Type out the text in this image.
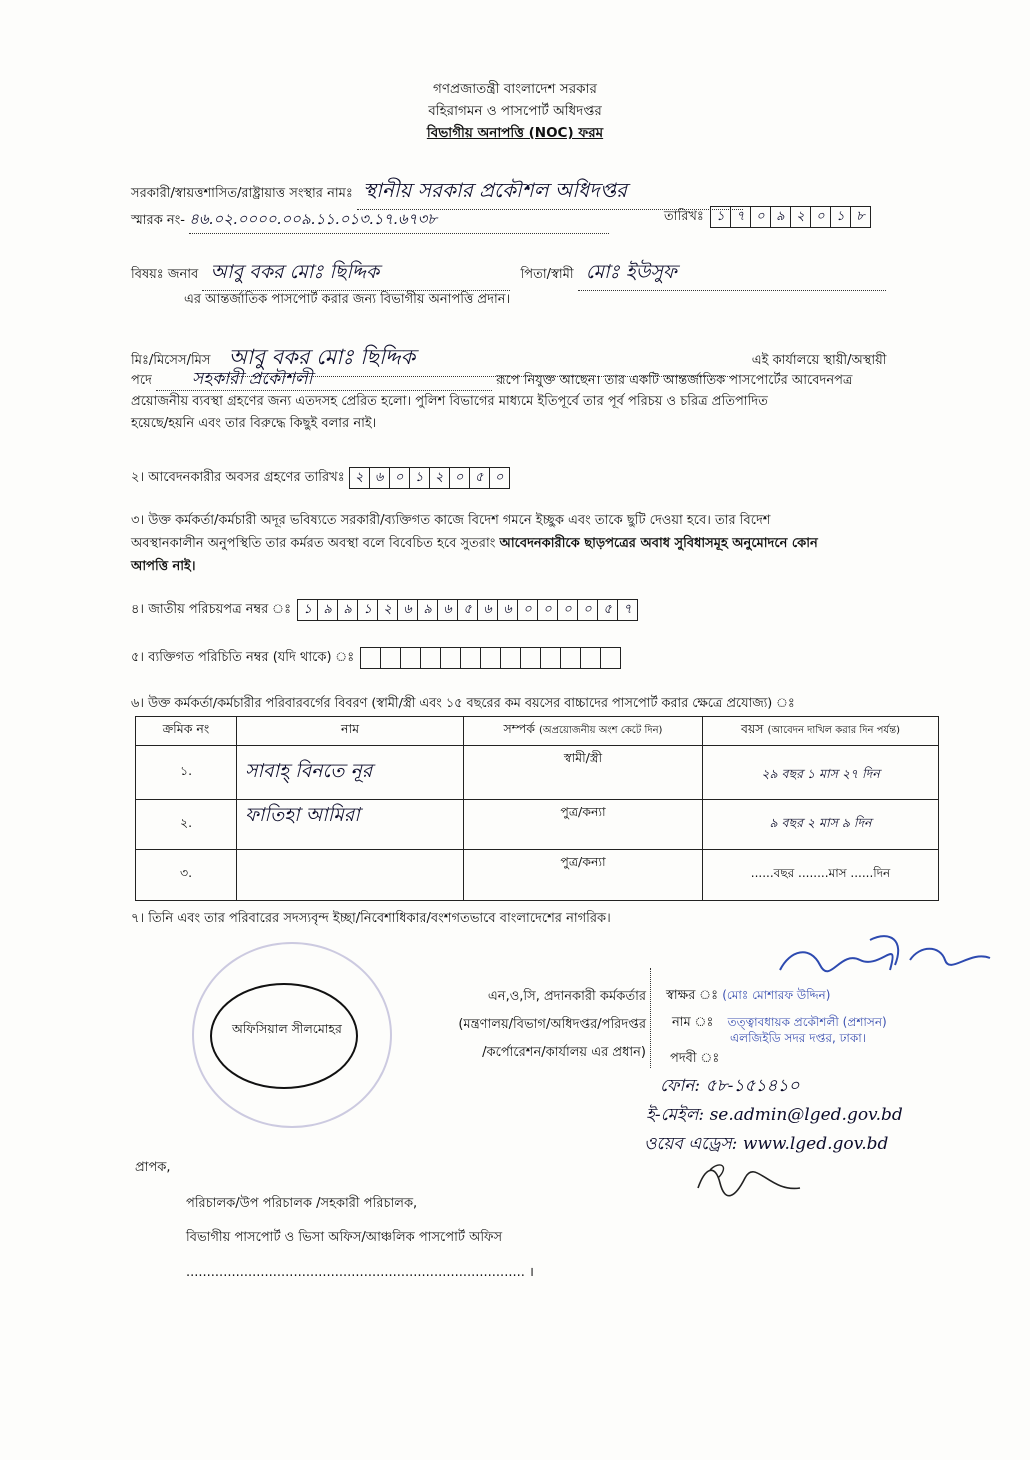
গণপ্রজাতন্ত্রী বাংলাদেশ সরকার
বহিরাগমন ও পাসপোর্ট অধিদপ্তর
বিভাগীয় অনাপত্তি (NOC) ফরম
সরকারী/স্বায়ত্তশাসিত/রাষ্ট্রায়াত্ত সংস্থার নামঃ স্থানীয় সরকার প্রকৌশল অধিদপ্তর
স্মারক নং- ৪৬.০২.০০০০.০০৯.১১.০১৩.১৭.৬৭৩৮	তারিখঃ ১ ৭ ০ ৯ ২ ০ ১ ৮
বিষয়ঃ জনাব আবু বকর মোঃ ছিদ্দিক	পিতা/স্বামী মোঃ ইউসুফ
এর আন্তর্জাতিক পাসপোর্ট করার জন্য বিভাগীয় অনাপত্তি প্রদান।
মিঃ/মিসেস/মিস আবু বকর মোঃ ছিদ্দিক	এই কার্যালয়ে স্থায়ী/অস্থায়ী
পদে সহকারী প্রকৌশলী	রূপে নিযুক্ত আছেন। তার একটি আন্তর্জাতিক পাসপোর্টের আবেদনপত্র
প্রয়োজনীয় ব্যবস্থা গ্রহণের জন্য এতদসহ প্রেরিত হলো। পুলিশ বিভাগের মাধ্যমে ইতিপূর্বে তার পূর্ব পরিচয় ও চরিত্র প্রতিপাদিত
হয়েছে/হয়নি এবং তার বিরুদ্ধে কিছুই বলার নাই।
২। আবেদনকারীর অবসর গ্রহণের তারিখঃ ২ ৬ ০ ১ ২ ০ ৫ ০
৩। উক্ত কর্মকর্তা/কর্মচারী অদূর ভবিষ্যতে সরকারী/ব্যক্তিগত কাজে বিদেশ গমনে ইচ্ছুক এবং তাকে ছুটি দেওয়া হবে। তার বিদেশ
অবস্থানকালীন অনুপস্থিতি তার কর্মরত অবস্থা বলে বিবেচিত হবে সুতরাং আবেদনকারীকে ছাড়পত্রের অবাধ সুবিধাসমূহ অনুমোদনে কোন
আপত্তি নাই।
৪। জাতীয় পরিচয়পত্র নম্বর ঃ ১ ৯ ৯ ১ ২ ৬ ৯ ৬ ৫ ৬ ৬ ০ ০ ০ ০ ৫ ৭
৫। ব্যক্তিগত পরিচিতি নম্বর (যদি থাকে) ঃ
৬। উক্ত কর্মকর্তা/কর্মচারীর পরিবারবর্গের বিবরণ (স্বামী/স্ত্রী এবং ১৫ বছরের কম বয়সের বাচ্চাদের পাসপোর্ট করার ক্ষেত্রে প্রযোজ্য) ঃ
ক্রমিক নং	নাম	সম্পর্ক (অপ্রয়োজনীয় অংশ কেটে দিন)	বয়স (আবেদন দাখিল করার দিন পর্যন্ত)
১.	সাবাহ্ বিনতে নূর	স্বামী/স্ত্রী	২৯ বছর ১ মাস ২৭ দিন
২.	ফাতিহা আমিরা	পুত্র/কন্যা	৯ বছর ২ মাস ৯ দিন
৩.		পুত্র/কন্যা	......বছর ........মাস ......দিন
৭। তিনি এবং তার পরিবারের সদস্যবৃন্দ ইচ্ছা/নিবেশাধিকার/বংশগতভাবে বাংলাদেশের নাগরিক।
অফিসিয়াল সীলমোহর
এন,ও,সি, প্রদানকারী কর্মকর্তার
(মন্ত্রণালয়/বিভাগ/অধিদপ্তর/পরিদপ্তর
/কর্পোরেশন/কার্যালয় এর প্রধান)
স্বাক্ষর ঃ (মোঃ মোশারফ উদ্দিন)
নাম ঃ তত্ত্বাবধায়ক প্রকৌশলী (প্রশাসন)
এলজিইডি সদর দপ্তর, ঢাকা।
পদবী ঃ
ফোন: ৫৮-১৫১৪১০
ই-মেইল: se.admin@lged.gov.bd
ওয়েব এড্রেস: www.lged.gov.bd
প্রাপক,
পরিচালক/উপ পরিচালক /সহকারী পরিচালক,
বিভাগীয় পাসপোর্ট ও ভিসা অফিস/আঞ্চলিক পাসপোর্ট অফিস
.................................................................................. ।
